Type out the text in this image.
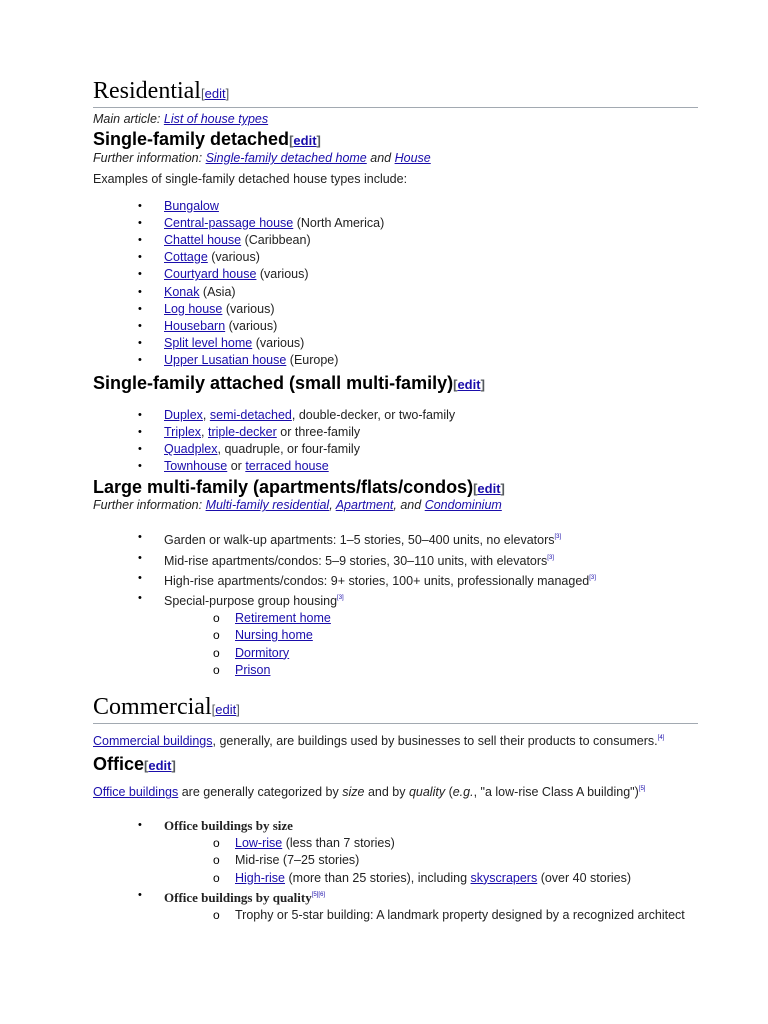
Residential[edit]
Main article: List of house types
Single-family detached[edit]
Further information: Single-family detached home and House
Examples of single-family detached house types include:
• Bungalow
• Central-passage house (North America)
• Chattel house (Caribbean)
• Cottage (various)
• Courtyard house (various)
• Konak (Asia)
• Log house (various)
• Housebarn (various)
• Split level home (various)
• Upper Lusatian house (Europe)
Single-family attached (small multi-family)[edit]
• Duplex, semi-detached, double-decker, or two-family
• Triplex, triple-decker or three-family
• Quadplex, quadruple, or four-family
• Townhouse or terraced house
Large multi-family (apartments/flats/condos)[edit]
Further information: Multi-family residential, Apartment, and Condominium
• Garden or walk-up apartments: 1–5 stories, 50–400 units, no elevators[3]
• Mid-rise apartments/condos: 5–9 stories, 30–110 units, with elevators[3]
• High-rise apartments/condos: 9+ stories, 100+ units, professionally managed[3]
• Special-purpose group housing[3]
o Retirement home
o Nursing home
o Dormitory
o Prison
Commercial[edit]
Commercial buildings, generally, are buildings used by businesses to sell their products to consumers.[4]
Office[edit]
Office buildings are generally categorized by size and by quality (e.g., "a low-rise Class A building")[5]
• Office buildings by size
o Low-rise (less than 7 stories)
o Mid-rise (7–25 stories)
o High-rise (more than 25 stories), including skyscrapers (over 40 stories)
• Office buildings by quality[5][6]
o Trophy or 5-star building: A landmark property designed by a recognized architect
